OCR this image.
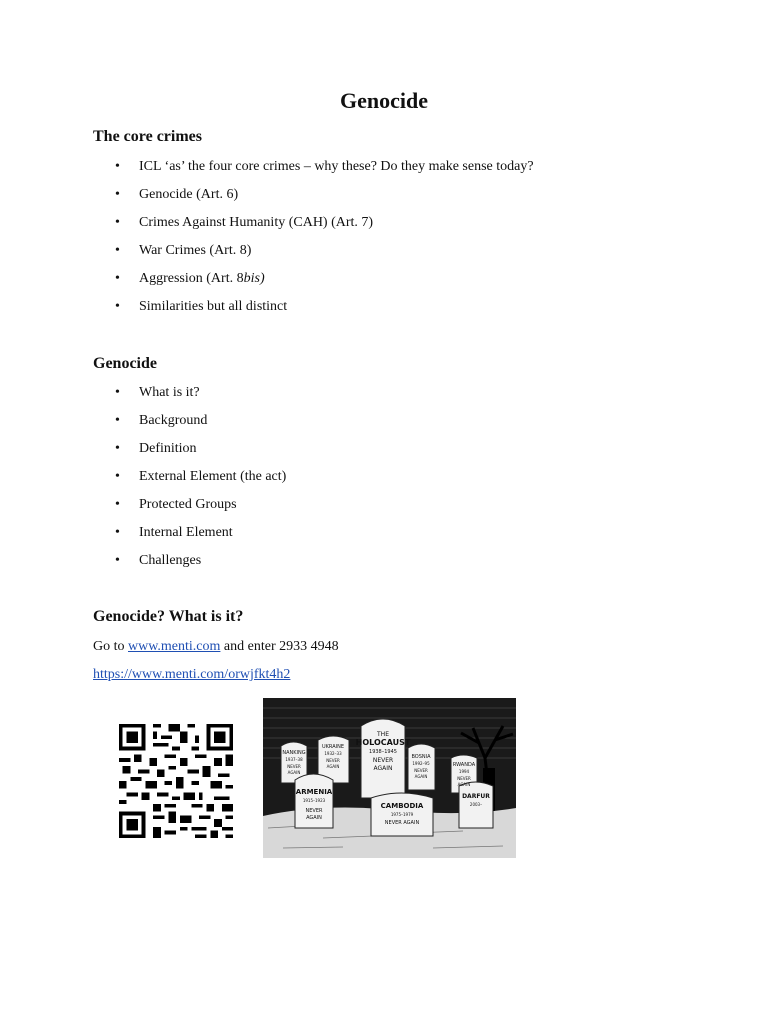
Genocide
The core crimes
• ICL ‘as’ the four core crimes – why these? Do they make sense today?
• Genocide (Art. 6)
• Crimes Against Humanity (CAH) (Art. 7)
• War Crimes (Art. 8)
• Aggression (Art. 8bis)
• Similarities but all distinct
Genocide
• What is it?
• Background
• Definition
• External Element (the act)
• Protected Groups
• Internal Element
• Challenges
Genocide? What is it?

Go to www.menti.com and enter 2933 4948

https://www.menti.com/orwjfkt4h2

NANKING
1937–38
NEVER
AGAIN
UKRAINE
1932–33
NEVER
AGAIN
THE
HOLOCAUST
1938–1945
NEVER
AGAIN
BOSNIA
1992–95
NEVER
AGAIN
RWANDA
1994
NEVER
AGAIN
ARMENIA
1915–1923
NEVER
AGAIN
CAMBODIA
1975–1979
NEVER AGAIN
DARFUR
2003–
